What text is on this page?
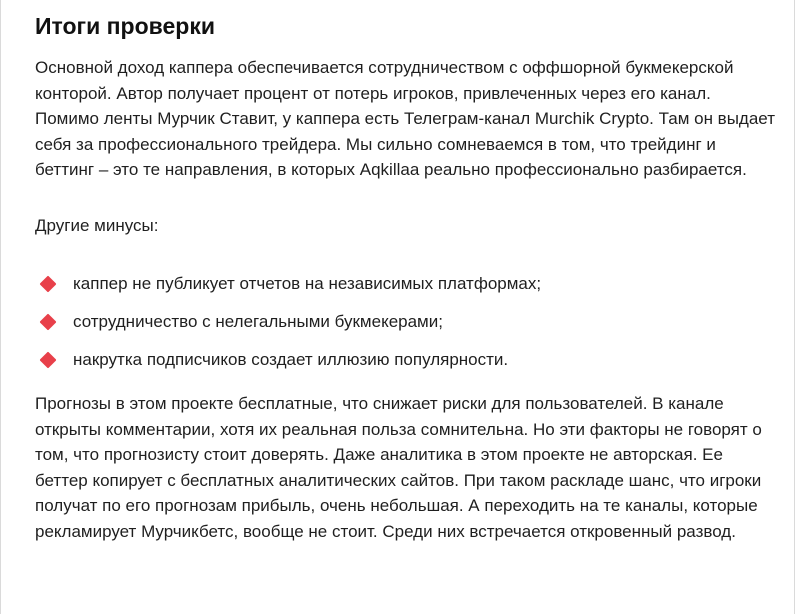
Итоги проверки

Основной доход каппера обеспечивается сотрудничеством с оффшорной букмекерской конторой. Автор получает процент от потерь игроков, привлеченных через его канал. Помимо ленты Мурчик Ставит, у каппера есть Телеграм-канал Murchik Crypto. Там он выдает себя за профессионального трейдера. Мы сильно сомневаемся в том, что трейдинг и беттинг – это те направления, в которых Aqkillaa реально профессионально разбирается.

Другие минусы:

каппер не публикует отчетов на независимых платформах;
сотрудничество с нелегальными букмекерами;
накрутка подписчиков создает иллюзию популярности.

Прогнозы в этом проекте бесплатные, что снижает риски для пользователей. В канале открыты комментарии, хотя их реальная польза сомнительна. Но эти факторы не говорят о том, что прогнозисту стоит доверять. Даже аналитика в этом проекте не авторская. Ее беттер копирует с бесплатных аналитических сайтов. При таком раскладе шанс, что игроки получат по его прогнозам прибыль, очень небольшая. А переходить на те каналы, которые рекламирует Мурчикбетс, вообще не стоит. Среди них встречается откровенный развод.
